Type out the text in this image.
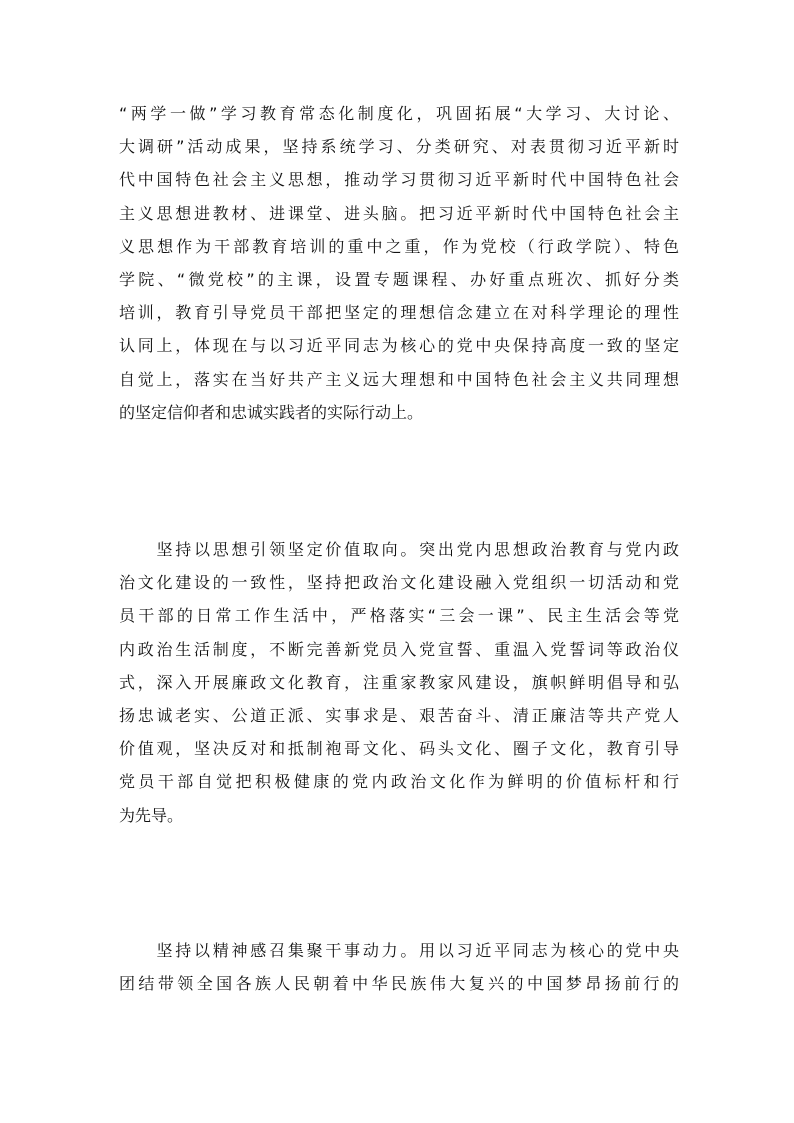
“两学一做”学习教育常态化制度化，巩固拓展“大学习、大讨论、
大调研”活动成果，坚持系统学习、分类研究、对表贯彻习近平新时
代中国特色社会主义思想，推动学习贯彻习近平新时代中国特色社会
主义思想进教材、进课堂、进头脑。把习近平新时代中国特色社会主
义思想作为干部教育培训的重中之重，作为党校（行政学院）、特色
学院、“微党校”的主课，设置专题课程、办好重点班次、抓好分类
培训，教育引导党员干部把坚定的理想信念建立在对科学理论的理性
认同上，体现在与以习近平同志为核心的党中央保持高度一致的坚定
自觉上，落实在当好共产主义远大理想和中国特色社会主义共同理想
的坚定信仰者和忠诚实践者的实际行动上。
　　坚持以思想引领坚定价值取向。突出党内思想政治教育与党内政
治文化建设的一致性，坚持把政治文化建设融入党组织一切活动和党
员干部的日常工作生活中，严格落实“三会一课”、民主生活会等党
内政治生活制度，不断完善新党员入党宣誓、重温入党誓词等政治仪
式，深入开展廉政文化教育，注重家教家风建设，旗帜鲜明倡导和弘
扬忠诚老实、公道正派、实事求是、艰苦奋斗、清正廉洁等共产党人
价值观，坚决反对和抵制袍哥文化、码头文化、圈子文化，教育引导
党员干部自觉把积极健康的党内政治文化作为鲜明的价值标杆和行
为先导。
　　坚持以精神感召集聚干事动力。用以习近平同志为核心的党中央
团结带领全国各族人民朝着中华民族伟大复兴的中国梦昂扬前行的
